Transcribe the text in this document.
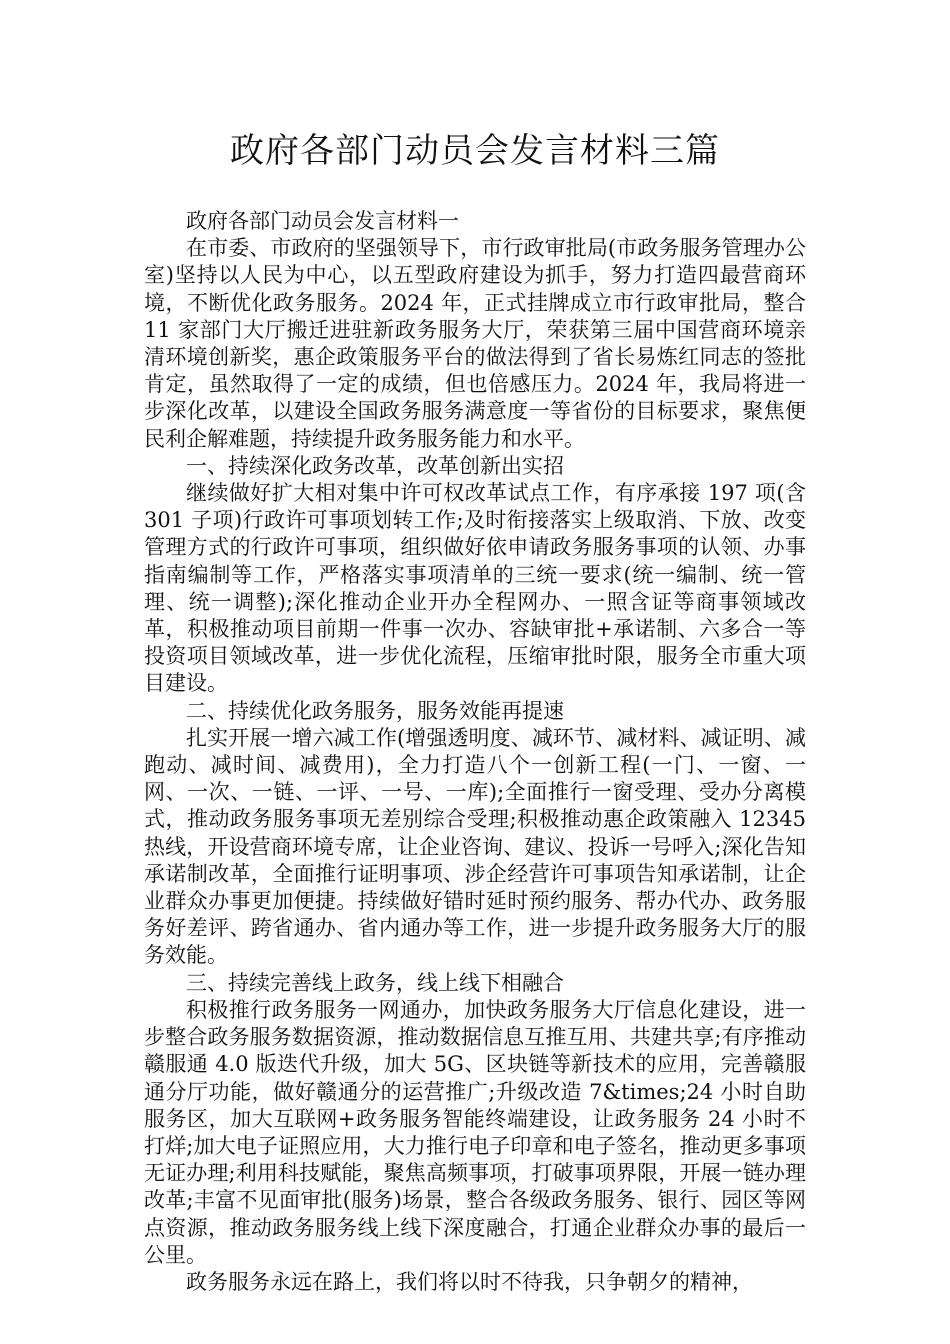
政府各部门动员会发言材料三篇

政府各部门动员会发言材料一

在市委、市政府的坚强领导下，市行政审批局(市政务服务管理办公室)坚持以人民为中心，以五型政府建设为抓手，努力打造四最营商环境，不断优化政务服务。2024 年，正式挂牌成立市行政审批局，整合 11 家部门大厅搬迁进驻新政务服务大厅，荣获第三届中国营商环境亲清环境创新奖，惠企政策服务平台的做法得到了省长易炼红同志的签批肯定，虽然取得了一定的成绩，但也倍感压力。2024 年，我局将进一步深化改革，以建设全国政务服务满意度一等省份的目标要求，聚焦便民利企解难题，持续提升政务服务能力和水平。

一、持续深化政务改革，改革创新出实招

继续做好扩大相对集中许可权改革试点工作，有序承接 197 项(含 301 子项)行政许可事项划转工作;及时衔接落实上级取消、下放、改变管理方式的行政许可事项，组织做好依申请政务服务事项的认领、办事指南编制等工作，严格落实事项清单的三统一要求(统一编制、统一管理、统一调整);深化推动企业开办全程网办、一照含证等商事领域改革，积极推动项目前期一件事一次办、容缺审批+承诺制、六多合一等投资项目领域改革，进一步优化流程，压缩审批时限，服务全市重大项目建设。

二、持续优化政务服务，服务效能再提速

扎实开展一增六减工作(增强透明度、减环节、减材料、减证明、减跑动、减时间、减费用)，全力打造八个一创新工程(一门、一窗、一网、一次、一链、一评、一号、一库);全面推行一窗受理、受办分离模式，推动政务服务事项无差别综合受理;积极推动惠企政策融入 12345 热线，开设营商环境专席，让企业咨询、建议、投诉一号呼入;深化告知承诺制改革，全面推行证明事项、涉企经营许可事项告知承诺制，让企业群众办事更加便捷。持续做好错时延时预约服务、帮办代办、政务服务好差评、跨省通办、省内通办等工作，进一步提升政务服务大厅的服务效能。

三、持续完善线上政务，线上线下相融合

积极推行政务服务一网通办，加快政务服务大厅信息化建设，进一步整合政务服务数据资源，推动数据信息互推互用、共建共享;有序推动赣服通 4.0 版迭代升级，加大 5G、区块链等新技术的应用，完善赣服通分厅功能，做好赣通分的运营推广;升级改造 7&times;24 小时自助服务区，加大互联网+政务服务智能终端建设，让政务服务 24 小时不打烊;加大电子证照应用，大力推行电子印章和电子签名，推动更多事项无证办理;利用科技赋能，聚焦高频事项，打破事项界限，开展一链办理改革;丰富不见面审批(服务)场景，整合各级政务服务、银行、园区等网点资源，推动政务服务线上线下深度融合，打通企业群众办事的最后一公里。

政务服务永远在路上，我们将以时不待我，只争朝夕的精神，
